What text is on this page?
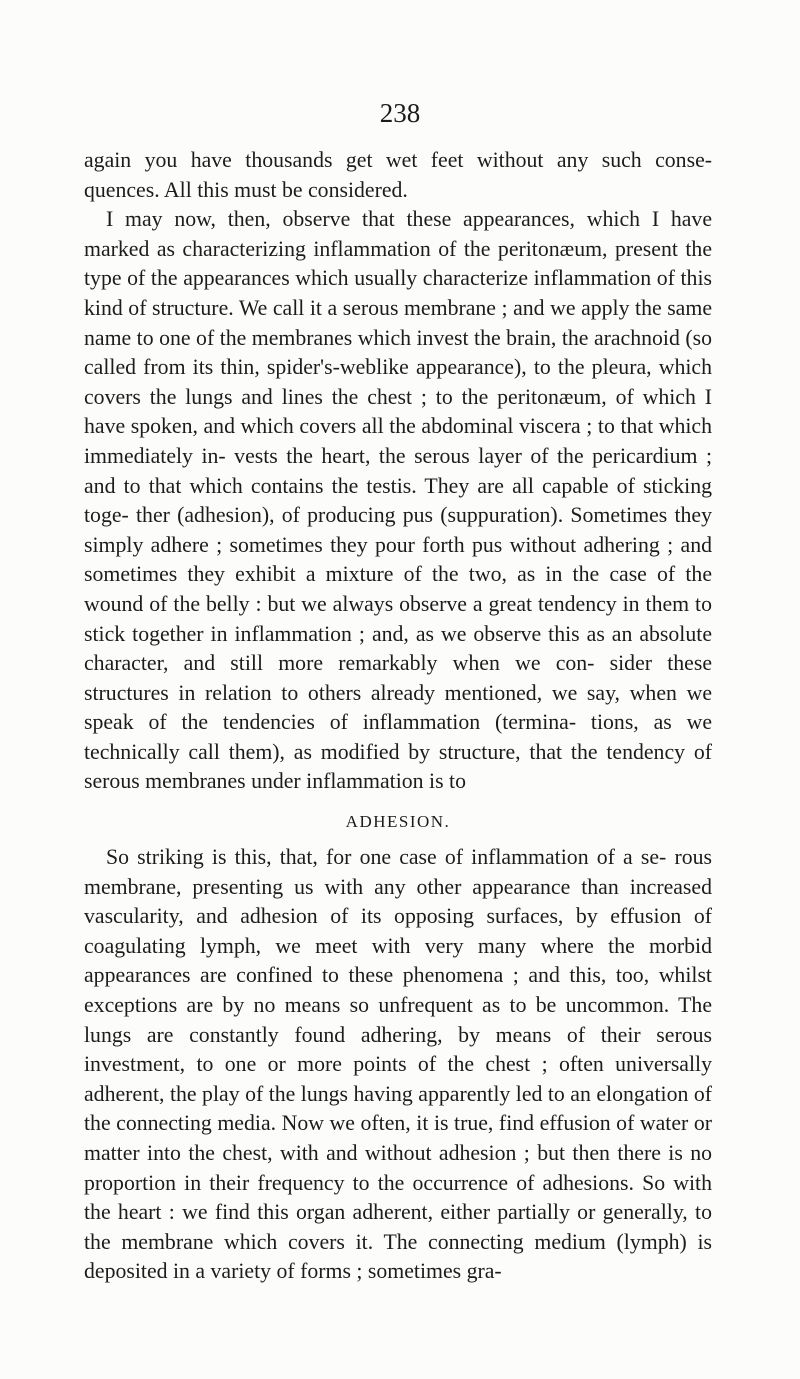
238

again you have thousands get wet feet without any such conse- quences. All this must be considered.

I may now, then, observe that these appearances, which I have marked as characterizing inflammation of the peritonæum, present the type of the appearances which usually characterize inflammation of this kind of structure. We call it a serous membrane ; and we apply the same name to one of the membranes which invest the brain, the arachnoid (so called from its thin, spider's-weblike appearance), to the pleura, which covers the lungs and lines the chest ; to the peritonæum, of which I have spoken, and which covers all the abdominal viscera ; to that which immediately in- vests the heart, the serous layer of the pericardium ; and to that which contains the testis. They are all capable of sticking toge- ther (adhesion), of producing pus (suppuration). Sometimes they simply adhere ; sometimes they pour forth pus without adhering ; and sometimes they exhibit a mixture of the two, as in the case of the wound of the belly : but we always observe a great tendency in them to stick together in inflammation ; and, as we observe this as an absolute character, and still more remarkably when we con- sider these structures in relation to others already mentioned, we say, when we speak of the tendencies of inflammation (termina- tions, as we technically call them), as modified by structure, that the tendency of serous membranes under inflammation is to

ADHESION.

So striking is this, that, for one case of inflammation of a se- rous membrane, presenting us with any other appearance than increased vascularity, and adhesion of its opposing surfaces, by effusion of coagulating lymph, we meet with very many where the morbid appearances are confined to these phenomena ; and this, too, whilst exceptions are by no means so unfrequent as to be uncommon. The lungs are constantly found adhering, by means of their serous investment, to one or more points of the chest ; often universally adherent, the play of the lungs having apparently led to an elongation of the connecting media. Now we often, it is true, find effusion of water or matter into the chest, with and without adhesion ; but then there is no proportion in their frequency to the occurrence of adhesions. So with the heart : we find this organ adherent, either partially or generally, to the membrane which covers it. The connecting medium (lymph) is deposited in a variety of forms ; sometimes gra-
